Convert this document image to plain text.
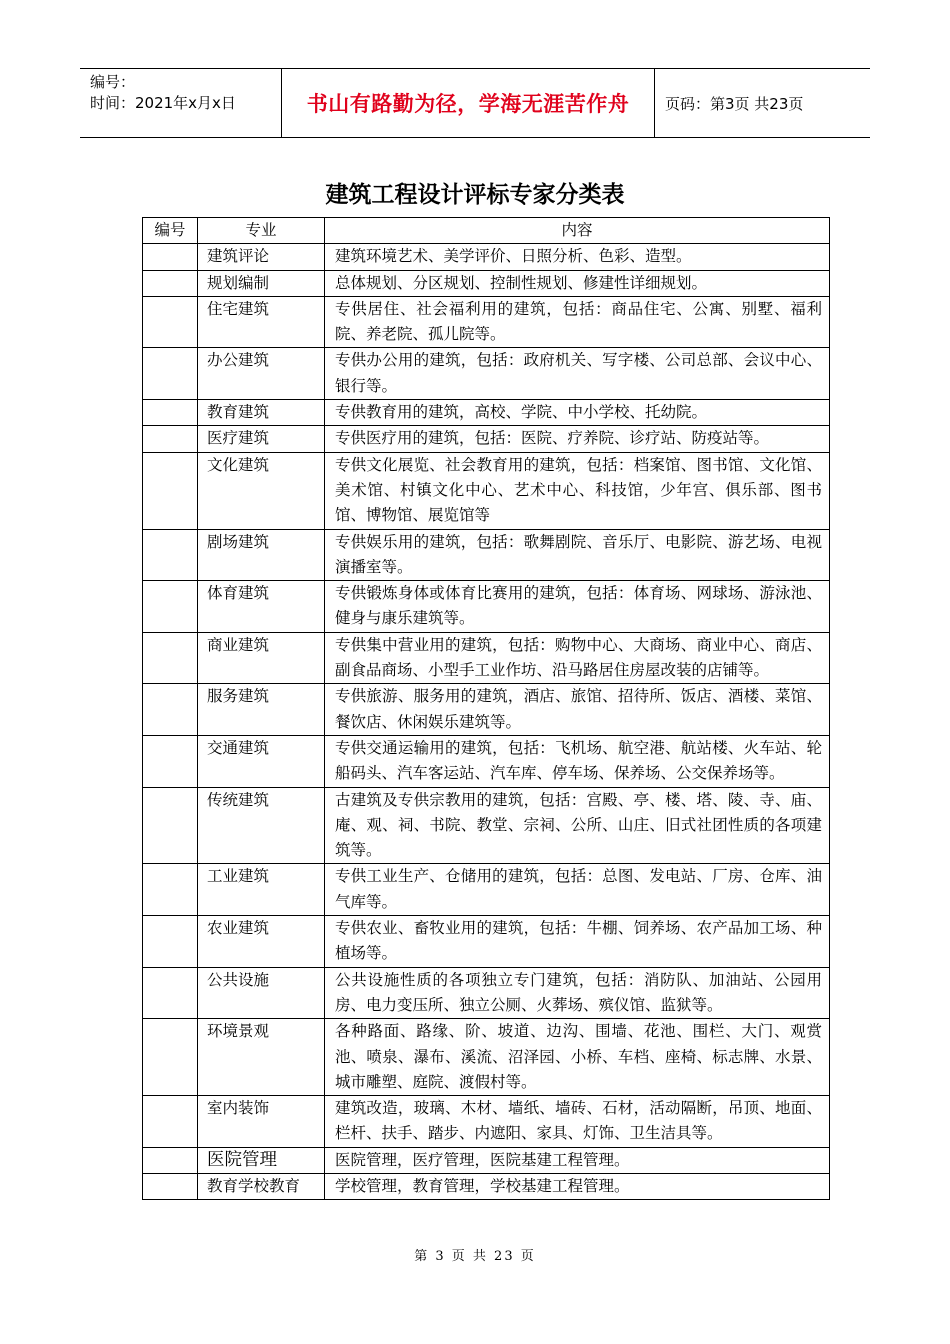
编号：
时间：2021年x月x日	书山有路勤为径，学海无涯苦作舟	页码：第3页 共23页
建筑工程设计评标专家分类表
编号	专业	内容
	建筑评论	建筑环境艺术、美学评价、日照分析、色彩、造型。
	规划编制	总体规划、分区规划、控制性规划、修建性详细规划。
	住宅建筑	专供居住、社会福利用的建筑，包括：商品住宅、公寓、别墅、福利院、养老院、孤儿院等。
	办公建筑	专供办公用的建筑，包括：政府机关、写字楼、公司总部、会议中心、银行等。
	教育建筑	专供教育用的建筑，高校、学院、中小学校、托幼院。
	医疗建筑	专供医疗用的建筑，包括：医院、疗养院、诊疗站、防疫站等。
	文化建筑	专供文化展览、社会教育用的建筑，包括：档案馆、图书馆、文化馆、美术馆、村镇文化中心、艺术中心、科技馆，少年宫、俱乐部、图书馆、博物馆、展览馆等
	剧场建筑	专供娱乐用的建筑，包括：歌舞剧院、音乐厅、电影院、游艺场、电视演播室等。
	体育建筑	专供锻炼身体或体育比赛用的建筑，包括：体育场、网球场、游泳池、健身与康乐建筑等。
	商业建筑	专供集中营业用的建筑，包括：购物中心、大商场、商业中心、商店、副食品商场、小型手工业作坊、沿马路居住房屋改装的店铺等。
	服务建筑	专供旅游、服务用的建筑，酒店、旅馆、招待所、饭店、酒楼、菜馆、餐饮店、休闲娱乐建筑等。
	交通建筑	专供交通运输用的建筑，包括：飞机场、航空港、航站楼、火车站、轮船码头、汽车客运站、汽车库、停车场、保养场、公交保养场等。
	传统建筑	古建筑及专供宗教用的建筑，包括：宫殿、亭、楼、塔、陵、寺、庙、庵、观、祠、书院、教堂、宗祠、公所、山庄、旧式社团性质的各项建筑等。
	工业建筑	专供工业生产、仓储用的建筑，包括：总图、发电站、厂房、仓库、油气库等。
	农业建筑	专供农业、畜牧业用的建筑，包括：牛棚、饲养场、农产品加工场、种植场等。
	公共设施	公共设施性质的各项独立专门建筑，包括：消防队、加油站、公园用房、电力变压所、独立公厕、火葬场、殡仪馆、监狱等。
	环境景观	各种路面、路缘、阶、坡道、边沟、围墙、花池、围栏、大门、观赏池、喷泉、瀑布、溪流、沼泽园、小桥、车档、座椅、标志牌、水景、城市雕塑、庭院、渡假村等。
	室内装饰	建筑改造，玻璃、木材、墙纸、墙砖、石材，活动隔断，吊顶、地面、栏杆、扶手、踏步、内遮阳、家具、灯饰、卫生洁具等。
	医院管理	医院管理，医疗管理，医院基建工程管理。
	教育学校教育	学校管理，教育管理，学校基建工程管理。
第 3 页 共 23 页
